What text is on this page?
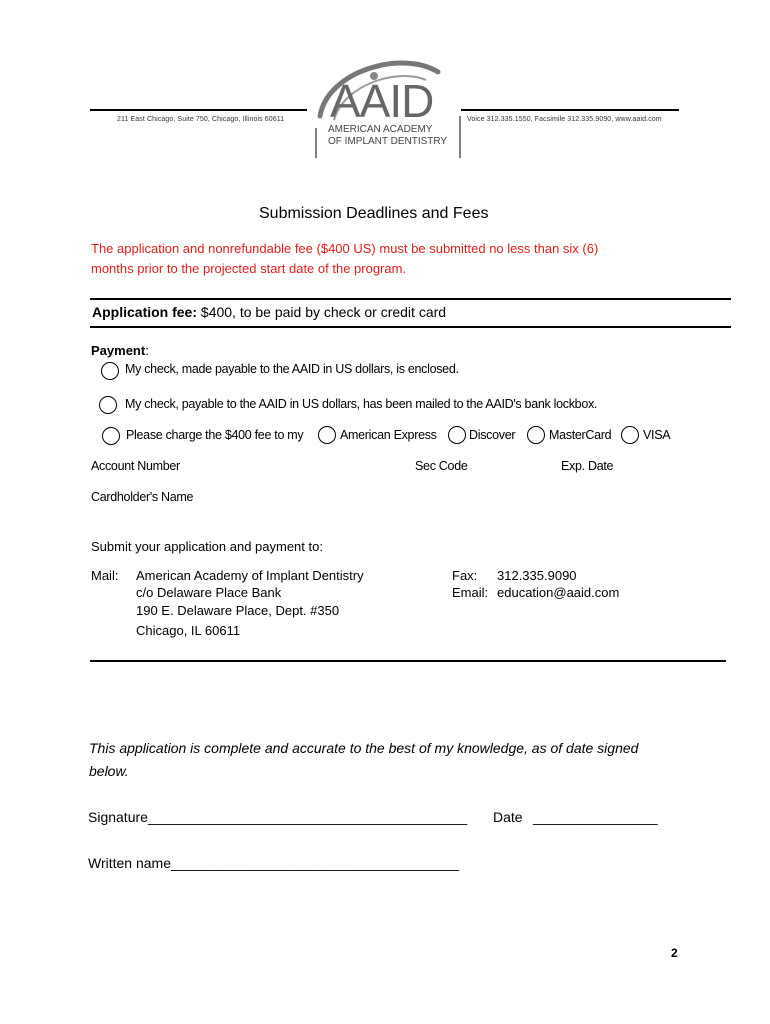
211 East Chicago, Suite 750, Chicago, Illinois 60611	Voice 312.335.1550, Facsimile 312.335.9090, www.aaid.com
AAID
AMERICAN ACADEMY
OF IMPLANT DENTISTRY
Submission Deadlines and Fees
The application and nonrefundable fee ($400 US) must be submitted no less than six (6)
months prior to the projected start date of the program.
Application fee: $400, to be paid by check or credit card
Payment:
My check, made payable to the AAID in US dollars, is enclosed.
My check, payable to the AAID in US dollars, has been mailed to the AAID's bank lockbox.
Please charge the $400 fee to my	American Express	Discover	MasterCard	VISA
Account Number	Sec Code	Exp. Date
Cardholder's Name
Submit your application and payment to:
Mail: American Academy of Implant Dentistry
c/o Delaware Place Bank
190 E. Delaware Place, Dept. #350
Chicago, IL 60611
Fax: 312.335.9090
Email: education@aaid.com
This application is complete and accurate to the best of my knowledge, as of date signed
below.
Signature_________________________________________ Date ________________
Written name_____________________________________
2
